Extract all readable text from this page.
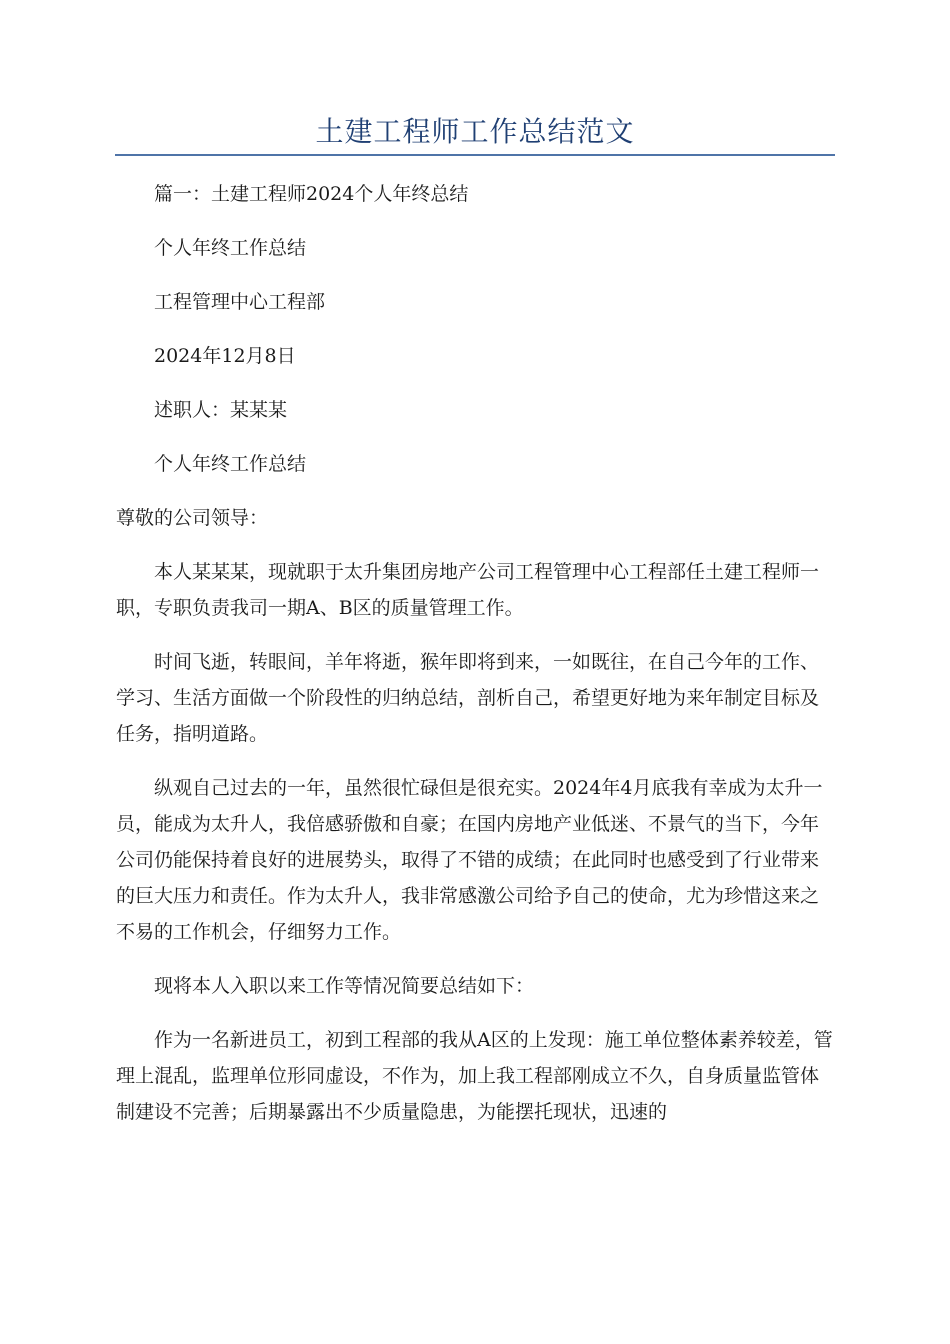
土建工程师工作总结范文

篇一：土建工程师2024个人年终总结

个人年终工作总结

工程管理中心工程部

2024年12月8日

述职人：某某某

个人年终工作总结

尊敬的公司领导：

本人某某某，现就职于太升集团房地产公司工程管理中心工程部任土建工程师一职，专职负责我司一期A、B区的质量管理工作。

时间飞逝，转眼间，羊年将逝，猴年即将到来，一如既往，在自己今年的工作、学习、生活方面做一个阶段性的归纳总结，剖析自己，希望更好地为来年制定目标及任务，指明道路。

纵观自己过去的一年，虽然很忙碌但是很充实。2024年4月底我有幸成为太升一员，能成为太升人，我倍感骄傲和自豪；在国内房地产业低迷、不景气的当下，今年公司仍能保持着良好的进展势头，取得了不错的成绩；在此同时也感受到了行业带来的巨大压力和责任。作为太升人，我非常感激公司给予自己的使命，尤为珍惜这来之不易的工作机会，仔细努力工作。

现将本人入职以来工作等情况简要总结如下：

作为一名新进员工，初到工程部的我从A区的上发现：施工单位整体素养较差，管理上混乱，监理单位形同虚设，不作为，加上我工程部刚成立不久，自身质量监管体制建设不完善；后期暴露出不少质量隐患，为能摆托现状，迅速的
